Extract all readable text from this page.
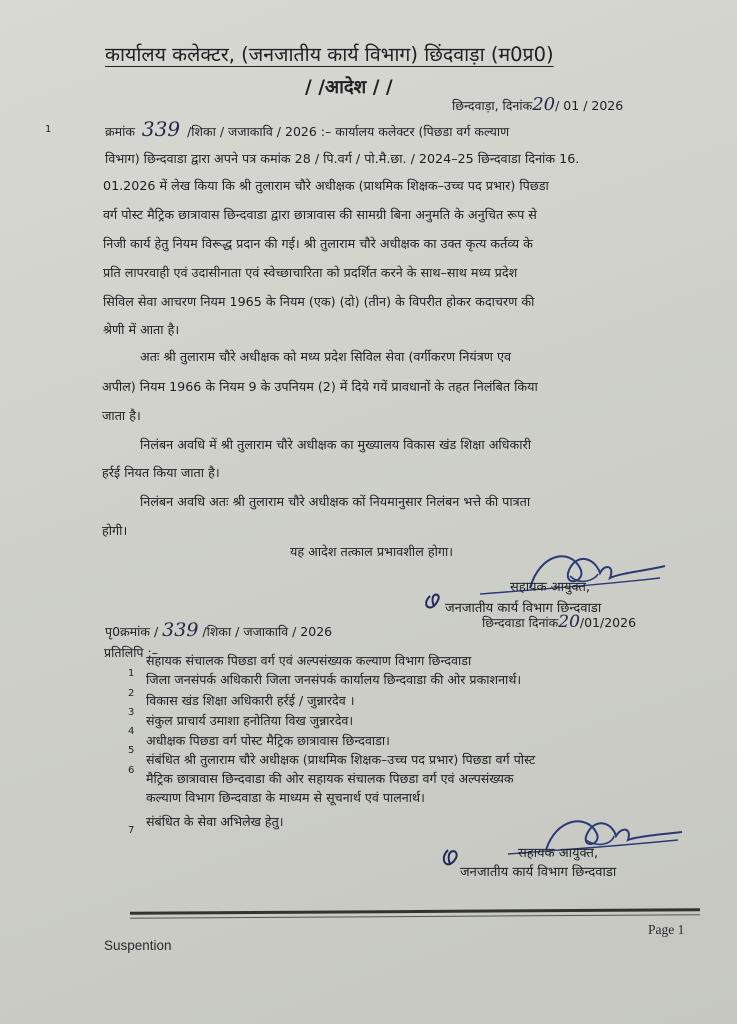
कार्यालय कलेक्टर, (जनजातीय कार्य विभाग) छिंदवाड़ा (म0प्र0)
/ /आदेश / /
छिन्दवाड़ा, दिनांक20/ 01 / 2026
1	क्रमांक 339 /शिका / जजाकावि / 2026 :– कार्यालय कलेक्टर (पिछडा वर्ग कल्याण
विभाग) छिन्दवाडा द्वारा अपने पत्र कमांक 28 / पि.वर्ग / पो.मै.छा. / 2024–25 छिन्दवाडा दिनांक 16.
01.2026 में लेख किया कि श्री तुलाराम चौरे अधीक्षक (प्राथमिक शिक्षक–उच्च पद प्रभार) पिछडा
वर्ग पोस्ट मैट्रिक छात्रावास छिन्दवाडा द्वारा छात्रावास की सामग्री बिना अनुमति के अनुचित रूप से
निजी कार्य हेतु नियम विरूद्ध प्रदान की गई। श्री तुलाराम चौरे अधीक्षक का उक्त कृत्य कर्तव्य के
प्रति लापरवाही एवं उदासीनाता एवं स्वेच्छाचारिता को प्रदर्शित करने के साथ–साथ मध्य प्रदेश
सिविल सेवा आचरण नियम 1965 के नियम (एक) (दो) (तीन) के विपरीत होकर कदाचरण की
श्रेणी में आता है।
अतः श्री तुलाराम चौरे अधीक्षक को मध्य प्रदेश सिविल सेवा (वर्गीकरण नियंत्रण एव
अपील) नियम 1966 के नियम 9 के उपनियम (2) में दिये गयें प्रावधानों के तहत निलंबित किया
जाता है।
निलंबन अवधि में श्री तुलाराम चौरे अधीक्षक का मुख्यालय विकास खंड शिक्षा अधिकारी
हर्रई नियत किया जाता है।
निलंबन अवधि अतः श्री तुलाराम चौरे अधीक्षक कों नियमानुसार निलंबन भत्ते की पात्रता
होगी।
यह आदेश तत्काल प्रभावशील होगा।
सहायक आयुक्त,
जनजातीय कार्य विभाग छिन्दवाडा
पृ0क्रमांक / 339 /शिका / जजाकावि / 2026
छिन्दवाडा दिनांक20/01/2026
प्रतिलिपि :–
1
सहायक संचालक पिछडा वर्ग एवं अल्पसंख्यक कल्याण विभाग छिन्दवाडा
2
जिला जनसंपर्क अधिकारी जिला जनसंपर्क कार्यालय छिन्दवाडा की ओर प्रकाशनार्थ।
3
विकास खंड शिक्षा अधिकारी हर्रई / जुन्नारदेव ।
4
संकुल प्राचार्य उमाशा हनोतिया विख जुन्नारदेव।
5
अधीक्षक पिछडा वर्ग पोस्ट मैट्रिक छात्रावास छिन्दवाडा।
6
संबंधित श्री तुलाराम चौरे अधीक्षक (प्राथमिक शिक्षक–उच्च पद प्रभार) पिछडा वर्ग पोस्ट
मैट्रिक छात्रावास छिन्दवाडा की ओर सहायक संचालक पिछडा वर्ग एवं अल्पसंख्यक
कल्याण विभाग छिन्दवाडा के माध्यम से सूचनार्थ एवं पालनार्थ।
7
संबंधित के सेवा अभिलेख हेतु।
सहायक आयुक्त,
जनजातीय कार्य विभाग छिन्दवाडा
Suspention
Page 1
